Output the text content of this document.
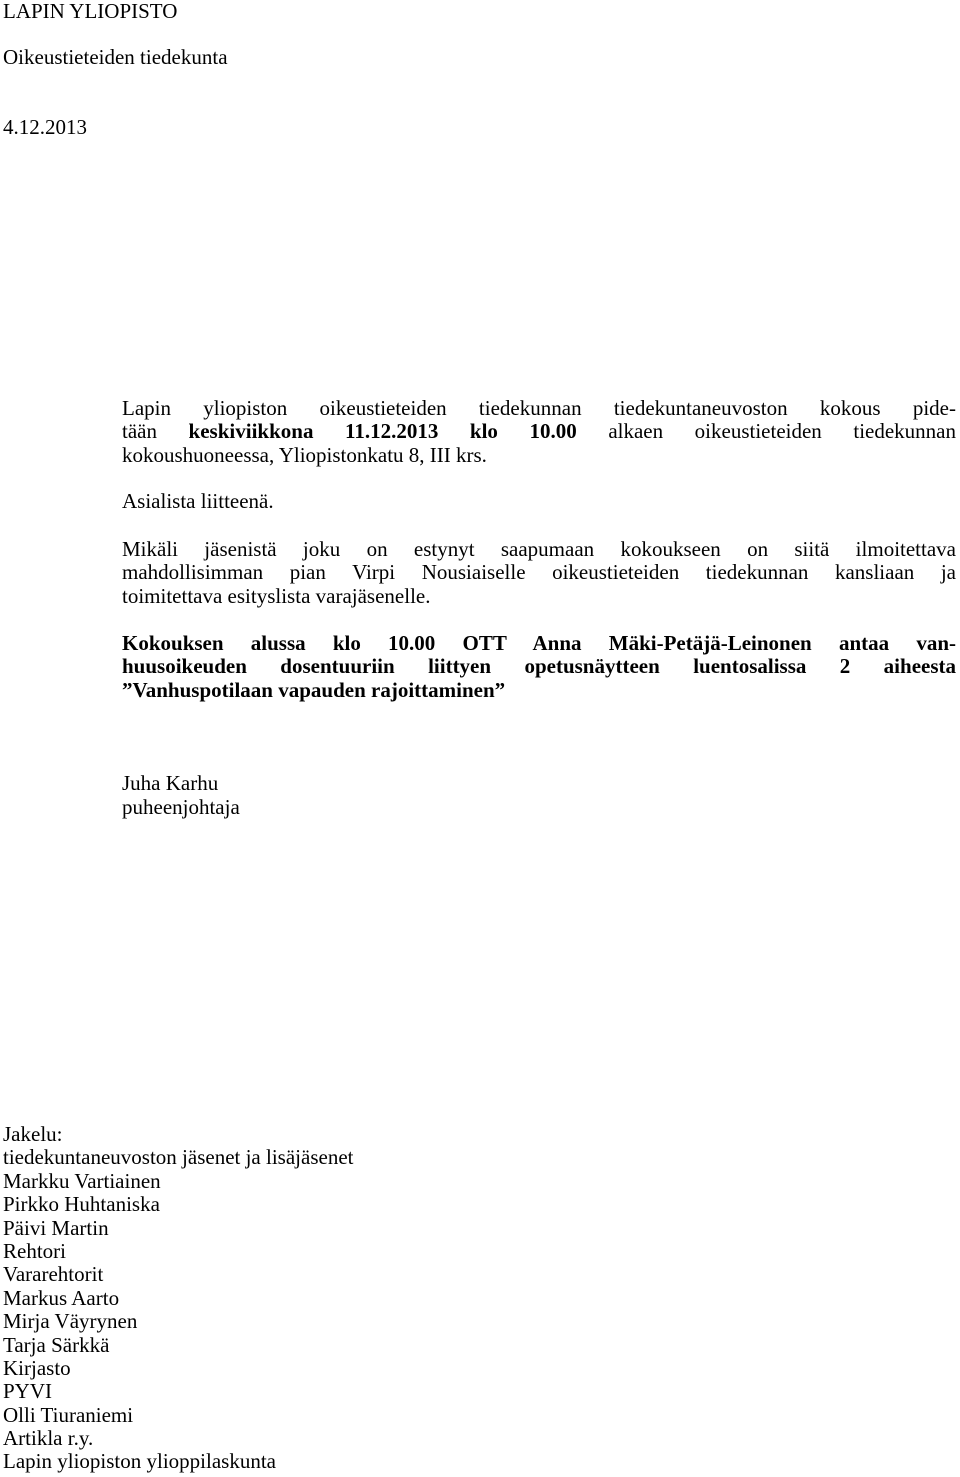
LAPIN YLIOPISTO
Oikeustieteiden tiedekunta
4.12.2013
Lapin yliopiston oikeustieteiden tiedekunnan tiedekuntaneuvoston kokous pide-
tään keskiviikkona 11.12.2013 klo 10.00 alkaen oikeustieteiden tiedekunnan
kokoushuoneessa, Yliopistonkatu 8, III krs.
Asialista liitteenä.
Mikäli jäsenistä joku on estynyt saapumaan kokoukseen on siitä ilmoitettava
mahdollisimman pian Virpi Nousiaiselle oikeustieteiden tiedekunnan kansliaan ja
toimitettava esityslista varajäsenelle.
Kokouksen alussa klo 10.00 OTT Anna Mäki-Petäjä-Leinonen antaa van-
huusoikeuden dosentuuriin liittyen opetusnäytteen luentosalissa 2 aiheesta
”Vanhuspotilaan vapauden rajoittaminen”
Juha Karhu
puheenjohtaja
Jakelu:
tiedekuntaneuvoston jäsenet ja lisäjäsenet
Markku Vartiainen
Pirkko Huhtaniska
Päivi Martin
Rehtori
Vararehtorit
Markus Aarto
Mirja Väyrynen
Tarja Särkkä
Kirjasto
PYVI
Olli Tiuraniemi
Artikla r.y.
Lapin yliopiston ylioppilaskunta
